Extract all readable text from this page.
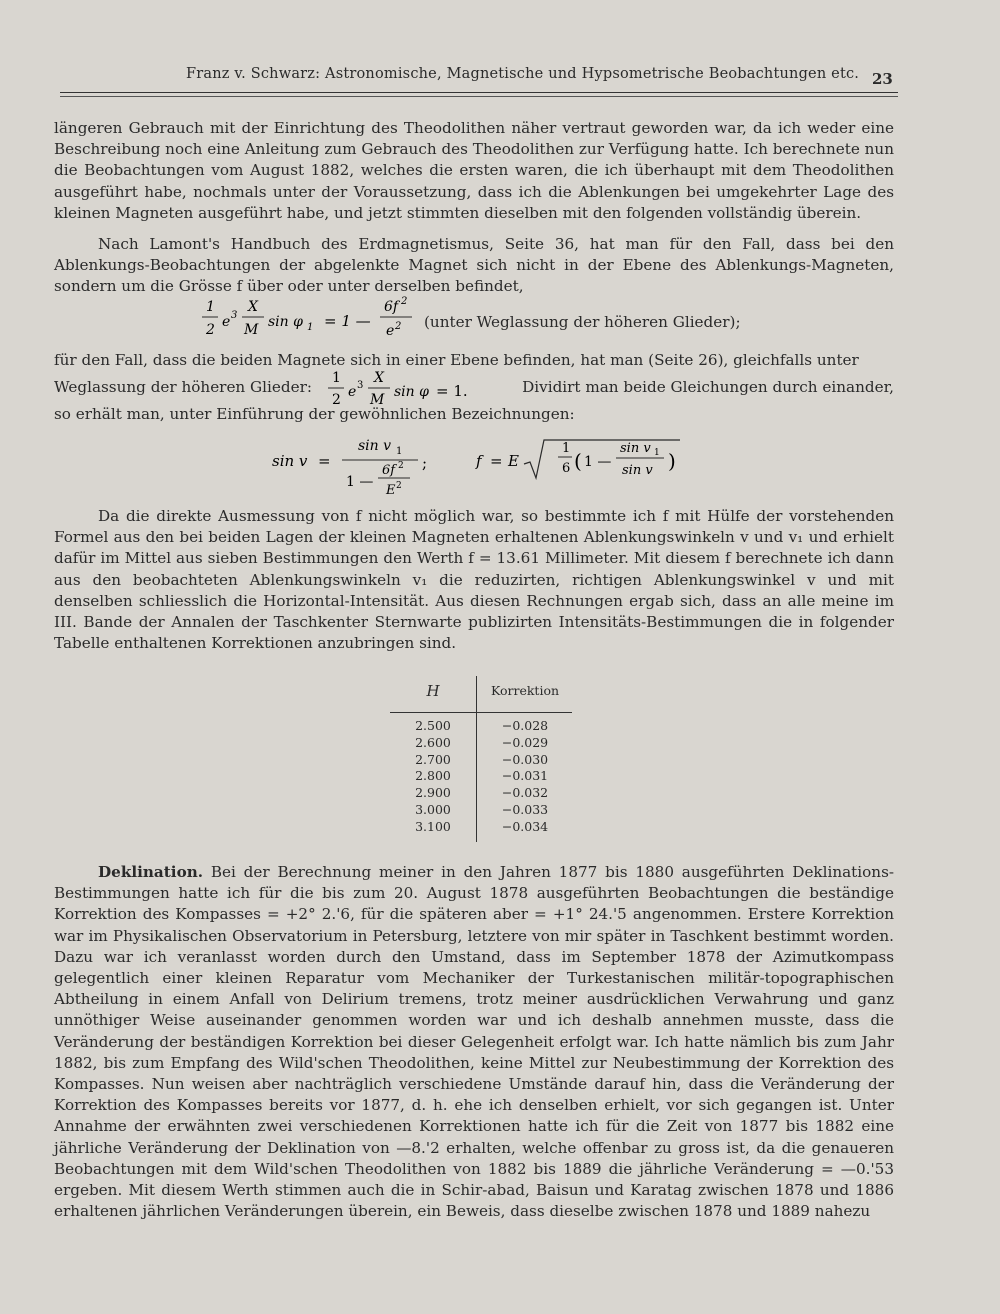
Franz v. Schwarz: Astronomische, Magnetische und Hypsometrische Beobachtungen etc. 23

längeren Gebrauch mit der Einrichtung des Theodolithen näher vertraut geworden war, da ich weder eine Beschreibung noch eine Anleitung zum Gebrauch des Theodolithen zur Verfügung hatte. Ich berechnete nun die Beobachtungen vom August 1882, welches die ersten waren, die ich überhaupt mit dem Theodolithen ausgeführt habe, nochmals unter der Voraussetzung, dass ich die Ablenkungen bei umgekehrter Lage des kleinen Magneten ausgeführt habe, und jetzt stimmten dieselben mit den folgenden vollständig überein.

Nach Lamont's Handbuch des Erdmagnetismus, Seite 36, hat man für den Fall, dass bei den Ablenkungs-Beobachtungen der abgelenkte Magnet sich nicht in der Ebene des Ablenkungs-Magneten, sondern um die Grösse f über oder unter derselben befindet,

1
2 e 3
X
M sin φ 1 = 1 —
6f 2
e 2 (unter Weglassung der höheren Glieder);

für den Fall, dass die beiden Magnete sich in einer Ebene befinden, hat man (Seite 26), gleichfalls unter

Weglassung der höheren Glieder: 1
2 e 3 X
M sin φ = 1.	Dividirt man beide Gleichungen durch einander,

so erhält man, unter Einführung der gewöhnlichen Bezeichnungen:

sin v =
sin v 1
1 —
6f 2
E 2
;	f = E
1
6 ( 1 —
sin v 1
sin v )

Da die direkte Ausmessung von f nicht möglich war, so bestimmte ich f mit Hülfe der vorstehenden Formel aus den bei beiden Lagen der kleinen Magneten erhaltenen Ablenkungswinkeln v und v₁ und erhielt dafür im Mittel aus sieben Bestimmungen den Werth f = 13.61 Millimeter. Mit diesem f berechnete ich dann aus den beobachteten Ablenkungswinkeln v₁ die reduzirten, richtigen Ablenkungswinkel v und mit denselben schliesslich die Horizontal-Intensität. Aus diesen Rechnungen ergab sich, dass an alle meine im III. Bande der Annalen der Taschkenter Sternwarte publizirten Intensitäts-Bestimmungen die in folgender Tabelle enthaltenen Korrektionen anzubringen sind.

H	Korrektion
2.500	−0.028
2.600	−0.029
2.700	−0.030
2.800	−0.031
2.900	−0.032
3.000	−0.033
3.100	−0.034

Deklination. Bei der Berechnung meiner in den Jahren 1877 bis 1880 ausgeführten Deklinations-Bestimmungen hatte ich für die bis zum 20. August 1878 ausgeführten Beobachtungen die beständige Korrektion des Kompasses = +2° 2.'6, für die späteren aber = +1° 24.'5 angenommen. Erstere Korrektion war im Physikalischen Observatorium in Petersburg, letztere von mir später in Taschkent bestimmt worden. Dazu war ich veranlasst worden durch den Umstand, dass im September 1878 der Azimutkompass gelegentlich einer kleinen Reparatur vom Mechaniker der Turkestanischen militär-topographischen Abtheilung in einem Anfall von Delirium tremens, trotz meiner ausdrücklichen Verwahrung und ganz unnöthiger Weise auseinander genommen worden war und ich deshalb annehmen musste, dass die Veränderung der beständigen Korrektion bei dieser Gelegenheit erfolgt war. Ich hatte nämlich bis zum Jahr 1882, bis zum Empfang des Wild'schen Theodolithen, keine Mittel zur Neubestimmung der Korrektion des Kompasses. Nun weisen aber nachträglich verschiedene Umstände darauf hin, dass die Veränderung der Korrektion des Kompasses bereits vor 1877, d. h. ehe ich denselben erhielt, vor sich gegangen ist. Unter Annahme der erwähnten zwei verschiedenen Korrektionen hatte ich für die Zeit von 1877 bis 1882 eine jährliche Veränderung der Deklination von —8.'2 erhalten, welche offenbar zu gross ist, da die genaueren Beobachtungen mit dem Wild'schen Theodolithen von 1882 bis 1889 die jährliche Veränderung = —0.'53 ergeben. Mit diesem Werth stimmen auch die in Schir-abad, Baisun und Karatag zwischen 1878 und 1886 erhaltenen jährlichen Veränderungen überein, ein Beweis, dass dieselbe zwischen 1878 und 1889 nahezu
